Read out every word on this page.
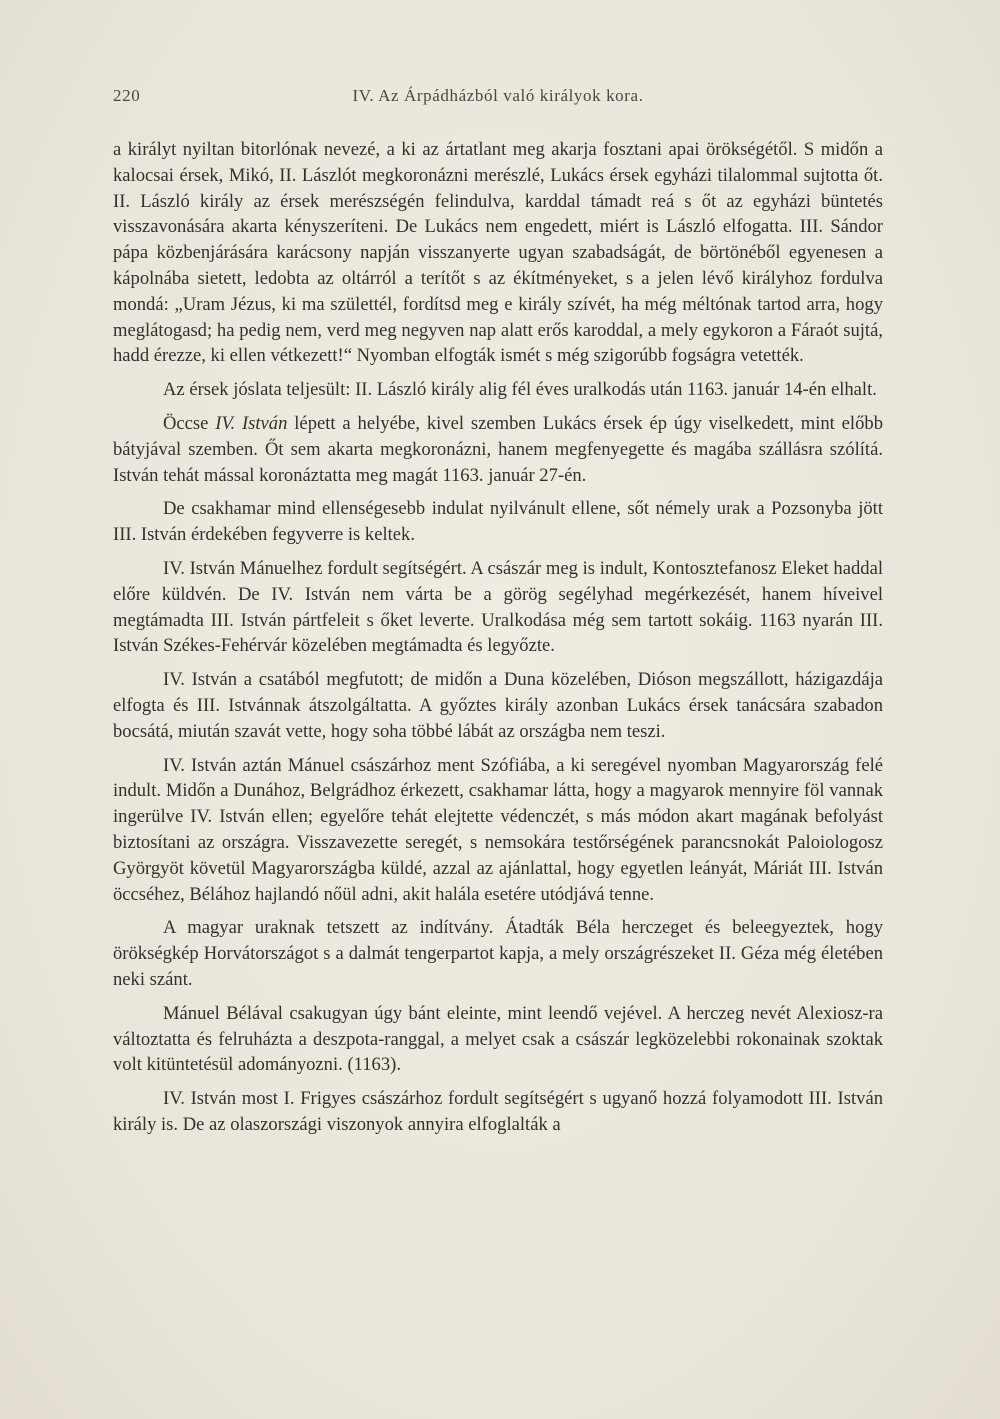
220	IV. Az Árpádházból való királyok kora.

a királyt nyiltan bitorlónak nevezé, a ki az ártatlant meg akarja fosztani apai örökségétől. S midőn a kalocsai érsek, Mikó, II. Lászlót megkoronázni merészlé, Lukács érsek egyházi tilalommal sujtotta őt. II. László király az érsek merészségén felindulva, karddal támadt reá s őt az egyházi büntetés visszavonására akarta kényszeríteni. De Lukács nem engedett, miért is László elfogatta. III. Sándor pápa közbenjárására karácsony napján visszanyerte ugyan szabadságát, de börtönéből egyenesen a kápolnába sietett, ledobta az oltárról a terítőt s az ékítményeket, s a jelen lévő királyhoz fordulva mondá: „Uram Jézus, ki ma születtél, fordítsd meg e király szívét, ha még méltónak tartod arra, hogy meglátogasd; ha pedig nem, verd meg negyven nap alatt erős karoddal, a mely egykoron a Fáraót sujtá, hadd érezze, ki ellen vétkezett!“ Nyomban elfogták ismét s még szigorúbb fogságra vetették.

Az érsek jóslata teljesült: II. László király alig fél éves uralkodás után 1163. január 14-én elhalt.

Öccse IV. István lépett a helyébe, kivel szemben Lukács érsek ép úgy viselkedett, mint előbb bátyjával szemben. Őt sem akarta megkoronázni, hanem megfenyegette és magába szállásra szólítá. István tehát mással koronáztatta meg magát 1163. január 27-én.

De csakhamar mind ellenségesebb indulat nyilvánult ellene, sőt némely urak a Pozsonyba jött III. István érdekében fegyverre is keltek.

IV. István Mánuelhez fordult segítségért. A császár meg is indult, Kontosztefanosz Eleket haddal előre küldvén. De IV. István nem várta be a görög segélyhad megérkezését, hanem híveivel megtámadta III. István pártfeleit s őket leverte. Uralkodása még sem tartott sokáig. 1163 nyarán III. István Székes-Fehérvár közelében megtámadta és legyőzte.

IV. István a csatából megfutott; de midőn a Duna közelében, Dióson megszállott, házigazdája elfogta és III. Istvánnak átszolgáltatta. A győztes király azonban Lukács érsek tanácsára szabadon bocsátá, miután szavát vette, hogy soha többé lábát az országba nem teszi.

IV. István aztán Mánuel császárhoz ment Szófiába, a ki seregével nyomban Magyarország felé indult. Midőn a Dunához, Belgrádhoz érkezett, csakhamar látta, hogy a magyarok mennyire föl vannak ingerülve IV. István ellen; egyelőre tehát elejtette védenczét, s más módon akart magának befolyást biztosítani az országra. Visszavezette seregét, s nemsokára testőrségének parancsnokát Paloiologosz Györgyöt követül Magyarországba küldé, azzal az ajánlattal, hogy egyetlen leányát, Máriát III. István öccséhez, Bélához hajlandó nőül adni, akit halála esetére utódjává tenne.

A magyar uraknak tetszett az indítvány. Átadták Béla herczeget és beleegyeztek, hogy örökségkép Horvátországot s a dalmát tengerpartot kapja, a mely országrészeket II. Géza még életében neki szánt.

Mánuel Bélával csakugyan úgy bánt eleinte, mint leendő vejével. A herczeg nevét Alexiosz-ra változtatta és felruházta a deszpota-ranggal, a melyet csak a császár legközelebbi rokonainak szoktak volt kitüntetésül adományozni. (1163).

IV. István most I. Frigyes császárhoz fordult segítségért s ugyanő hozzá folyamodott III. István király is. De az olaszországi viszonyok annyira elfoglalták a
